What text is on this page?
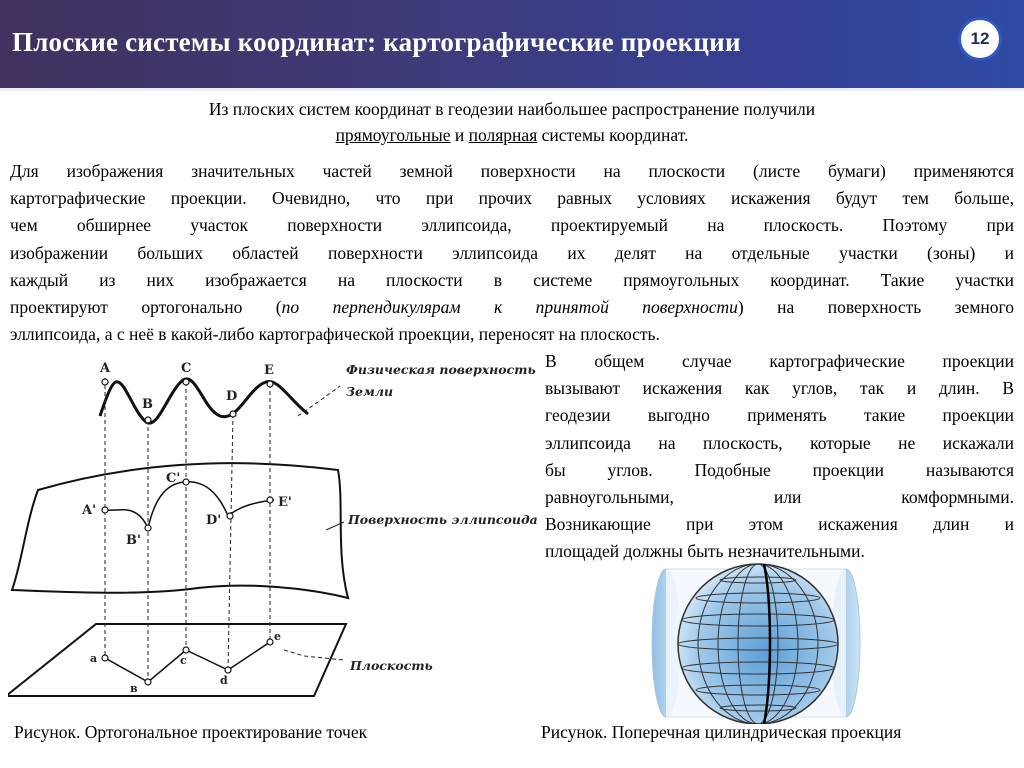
Плоские системы координат: картографические проекции	12
Из плоских систем координат в геодезии наибольшее распространение получили
прямоугольные и полярная системы координат.
Для изображения значительных частей земной поверхности на плоскости (листе бумаги) применяются
картографические проекции. Очевидно, что при прочих равных условиях искажения будут тем больше,
чем обширнее участок поверхности эллипсоида, проектируемый на плоскость. Поэтому при
изображении больших областей поверхности эллипсоида их делят на отдельные участки (зоны) и
каждый из них изображается на плоскости в системе прямоугольных координат. Такие участки
проектируют ортогонально (по перпендикулярам к принятой поверхности) на поверхность земного
эллипсоида, а с неё в какой-либо картографической проекции, переносят на плоскость.
В общем случае картографические проекции
вызывают искажения как углов, так и длин. В
геодезии выгодно применять такие проекции
эллипсоида на плоскость, которые не искажали
бы углов. Подобные проекции называются
равноугольными, или комформными.
Возникающие при этом искажения длин и
площадей должны быть незначительными.
A
B
C
D
E
A'
B'
C'
D'
E'
a
в
c
d
e
Физическая поверхность
Земли
Поверхность эллипсоида
Плоскость
Рисунок. Ортогональное проектирование точек	Рисунок. Поперечная цилиндрическая проекция
